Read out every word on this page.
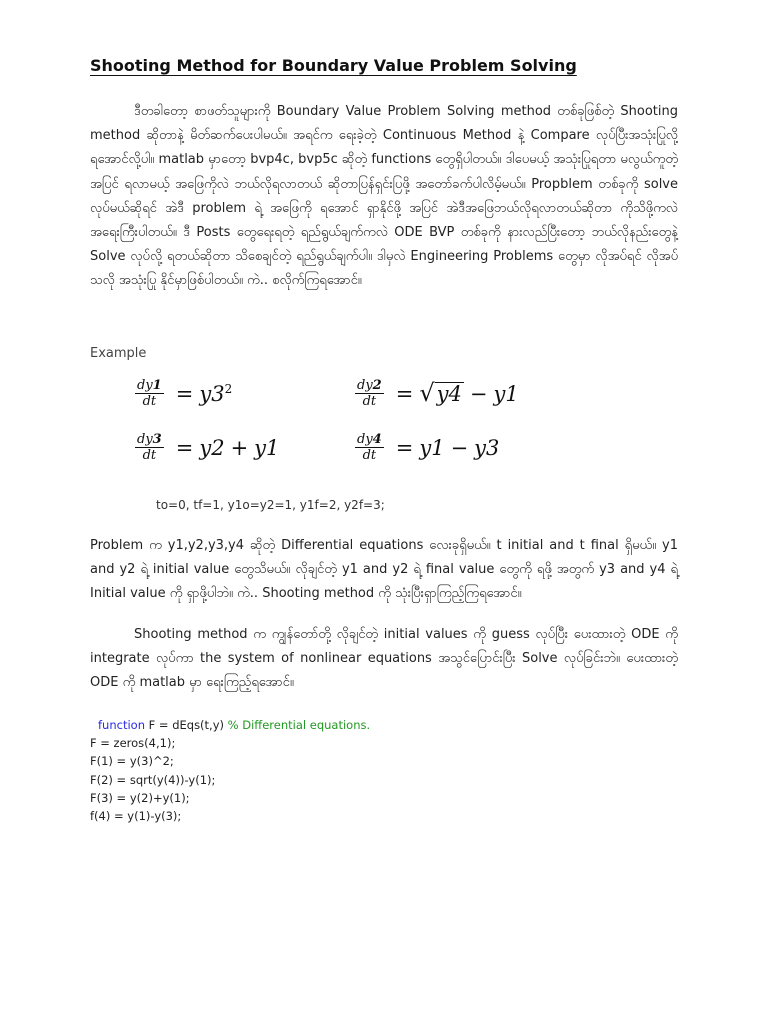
Shooting Method for Boundary Value Problem Solving

ဒီတခါတော့ စာဖတ်သူများကို Boundary Value Problem Solving method တစ်ခုဖြစ်တဲ့ Shooting method ဆိုတာနဲ့ မိတ်ဆက်ပေးပါမယ်။ အရင်က ရေးခဲ့တဲ့ Continuous Method နဲ့ Compare လုပ်ပြီးအသုံးပြုလို့ ရအောင်လို့ပါ။ matlab မှာတော့ bvp4c, bvp5c ဆိုတဲ့ functions တွေရှိပါတယ်။ ဒါပေမယ့် အသုံးပြုရတာ မလွယ်ကူတဲ့အပြင် ရလာမယ့် အဖြေကိုလဲ ဘယ်လိုရလာတယ် ဆိုတာပြန်ရှင်းပြဖို့ အတော်ခက်ပါလိမ့်မယ်။ Propblem တစ်ခုကို solve လုပ်မယ်ဆိုရင် အဲဒီ problem ရဲ့ အဖြေကို ရအောင် ရှာနိုင်ဖို့ အပြင် အဲဒီအဖြေဘယ်လိုရလာတယ်ဆိုတာ ကိုသိဖို့ကလဲ အရေးကြီးပါတယ်။ ဒီ Posts တွေရေးရတဲ့ ရည်ရွယ်ချက်ကလဲ ODE BVP တစ်ခုကို နားလည်ပြီးတော့ ဘယ်လိုနည်းတွေနဲ့ Solve လုပ်လို့ ရတယ်ဆိုတာ သိစေချင်တဲ့ ရည်ရွယ်ချက်ပါ။ ဒါမှလဲ Engineering Problems တွေမှာ လိုအပ်ရင် လိုအပ်သလို အသုံးပြု နိုင်မှာဖြစ်ပါတယ်။ ကဲ.. စလိုက်ကြရအောင်။

Example
$\frac{dy1}{dt} = y3^2$	$\frac{dy2}{dt}$ = √ y4 − y1
$\frac{dy3}{dt} = y2 + y1$	$\frac{dy4}{dt} = y1 - y3$
to=0, tf=1, y1o=y2=1, y1f=2, y2f=3;

Problem က y1,y2,y3,y4 ဆိုတဲ့ Differential equations လေးခုရှိမယ်။ t initial and t final ရှိမယ်။ y1 and y2 ရဲ့ initial value တွေသိမယ်။ လိုချင်တဲ့ y1 and y2 ရဲ့ final value တွေကို ရဖို့ အတွက် y3 and y4 ရဲ့ Initial value ကို ရှာဖို့ပါဘဲ။ ကဲ.. Shooting method ကို သုံးပြီးရှာကြည့်ကြရအောင်။

Shooting method က ကျွန်တော်တို့ လိုချင်တဲ့ initial values ကို guess လုပ်ပြီး ပေးထားတဲ့ ODE ကို integrate လုပ်ကာ the system of nonlinear equations အသွင်ပြောင်းပြီး Solve လုပ်ခြင်းဘဲ။ ပေးထားတဲ့ ODE ကို matlab မှာ ရေးကြည့်ရအောင်။

function F = dEqs(t,y) % Differential equations.
F = zeros(4,1);
F(1) = y(3)^2;
F(2) = sqrt(y(4))-y(1);
F(3) = y(2)+y(1);
f(4) = y(1)-y(3);
